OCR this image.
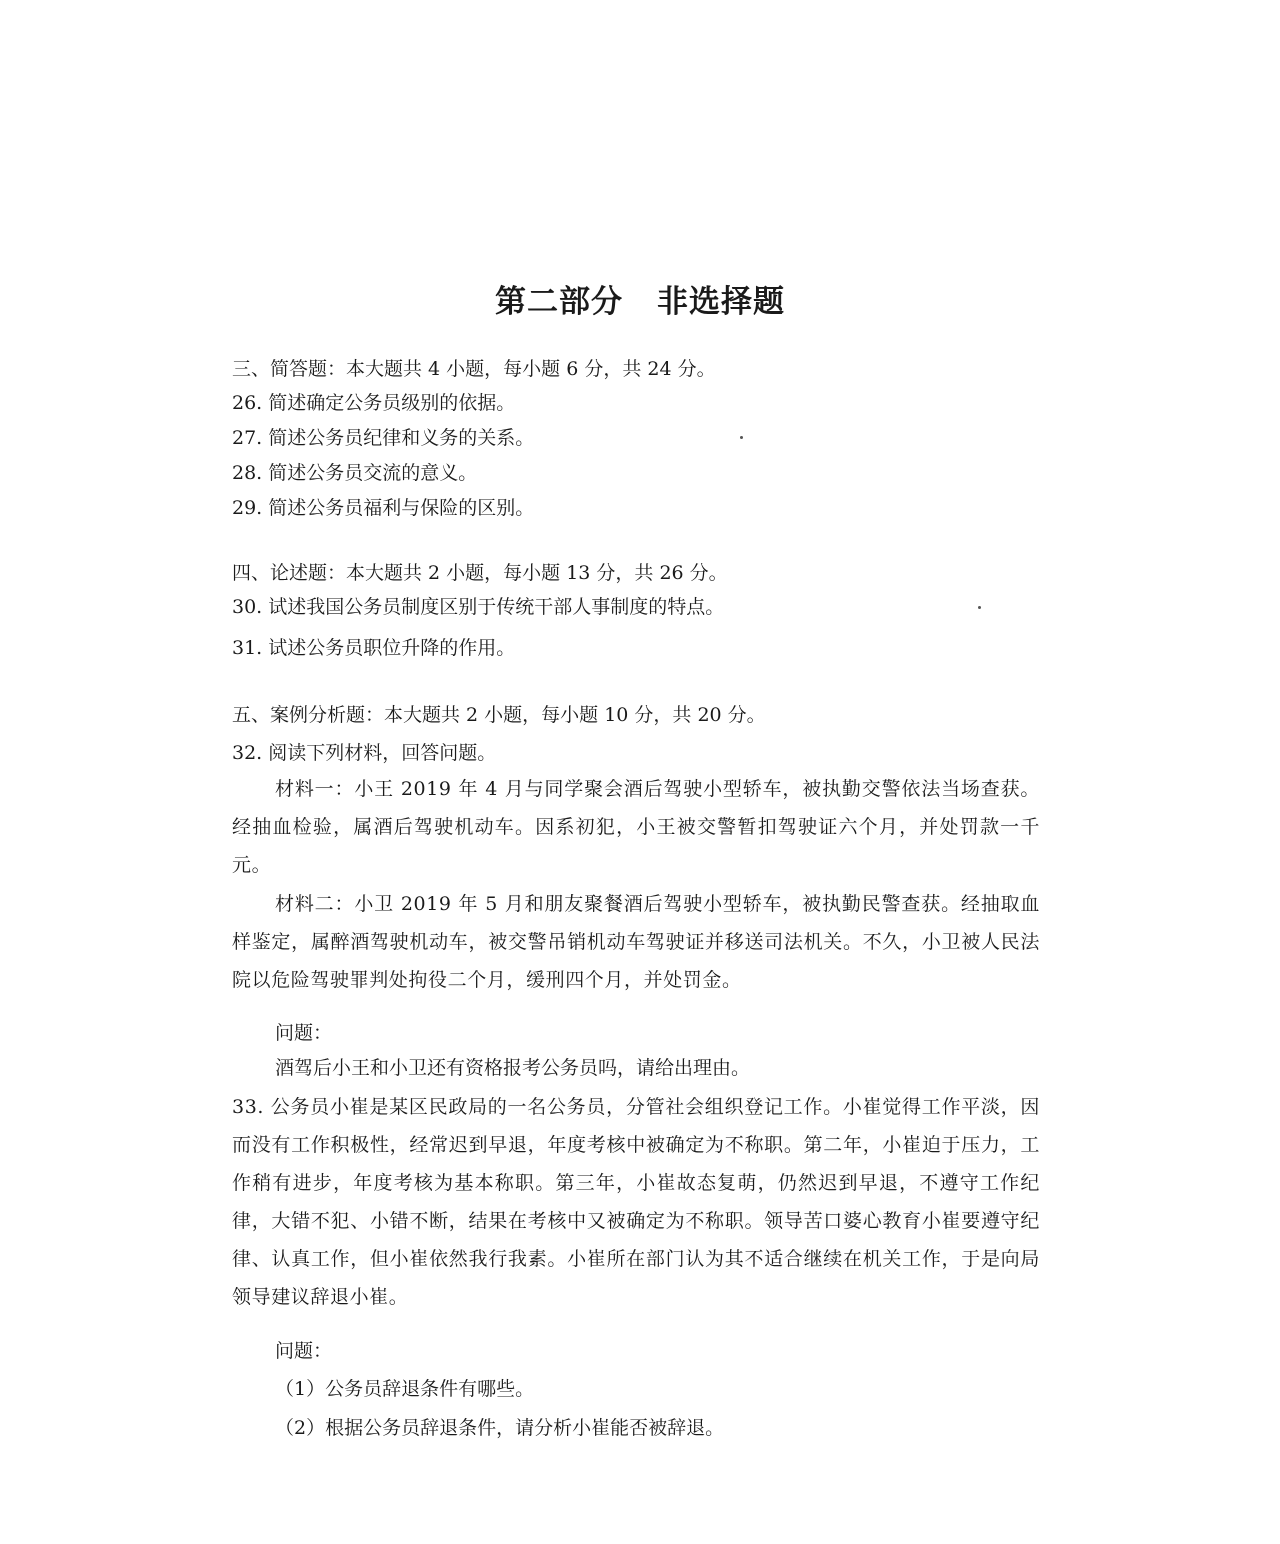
第二部分 非选择题
三、简答题：本大题共 4 小题，每小题 6 分，共 24 分。
26. 简述确定公务员级别的依据。
27. 简述公务员纪律和义务的关系。
28. 简述公务员交流的意义。
29. 简述公务员福利与保险的区别。
四、论述题：本大题共 2 小题，每小题 13 分，共 26 分。
30. 试述我国公务员制度区别于传统干部人事制度的特点。
31. 试述公务员职位升降的作用。
五、案例分析题：本大题共 2 小题，每小题 10 分，共 20 分。
32. 阅读下列材料，回答问题。
材料一：小王 2019 年 4 月与同学聚会酒后驾驶小型轿车，被执勤交警依法当场查获。经抽血检验，属酒后驾驶机动车。因系初犯，小王被交警暂扣驾驶证六个月，并处罚款一千元。
材料二：小卫 2019 年 5 月和朋友聚餐酒后驾驶小型轿车，被执勤民警查获。经抽取血样鉴定，属醉酒驾驶机动车，被交警吊销机动车驾驶证并移送司法机关。不久，小卫被人民法院以危险驾驶罪判处拘役二个月，缓刑四个月，并处罚金。
问题：
酒驾后小王和小卫还有资格报考公务员吗，请给出理由。
33. 公务员小崔是某区民政局的一名公务员，分管社会组织登记工作。小崔觉得工作平淡，因而没有工作积极性，经常迟到早退，年度考核中被确定为不称职。第二年，小崔迫于压力，工作稍有进步，年度考核为基本称职。第三年，小崔故态复萌，仍然迟到早退，不遵守工作纪律，大错不犯、小错不断，结果在考核中又被确定为不称职。领导苦口婆心教育小崔要遵守纪律、认真工作，但小崔依然我行我素。小崔所在部门认为其不适合继续在机关工作，于是向局领导建议辞退小崔。
问题：
（1）公务员辞退条件有哪些。
（2）根据公务员辞退条件，请分析小崔能否被辞退。
